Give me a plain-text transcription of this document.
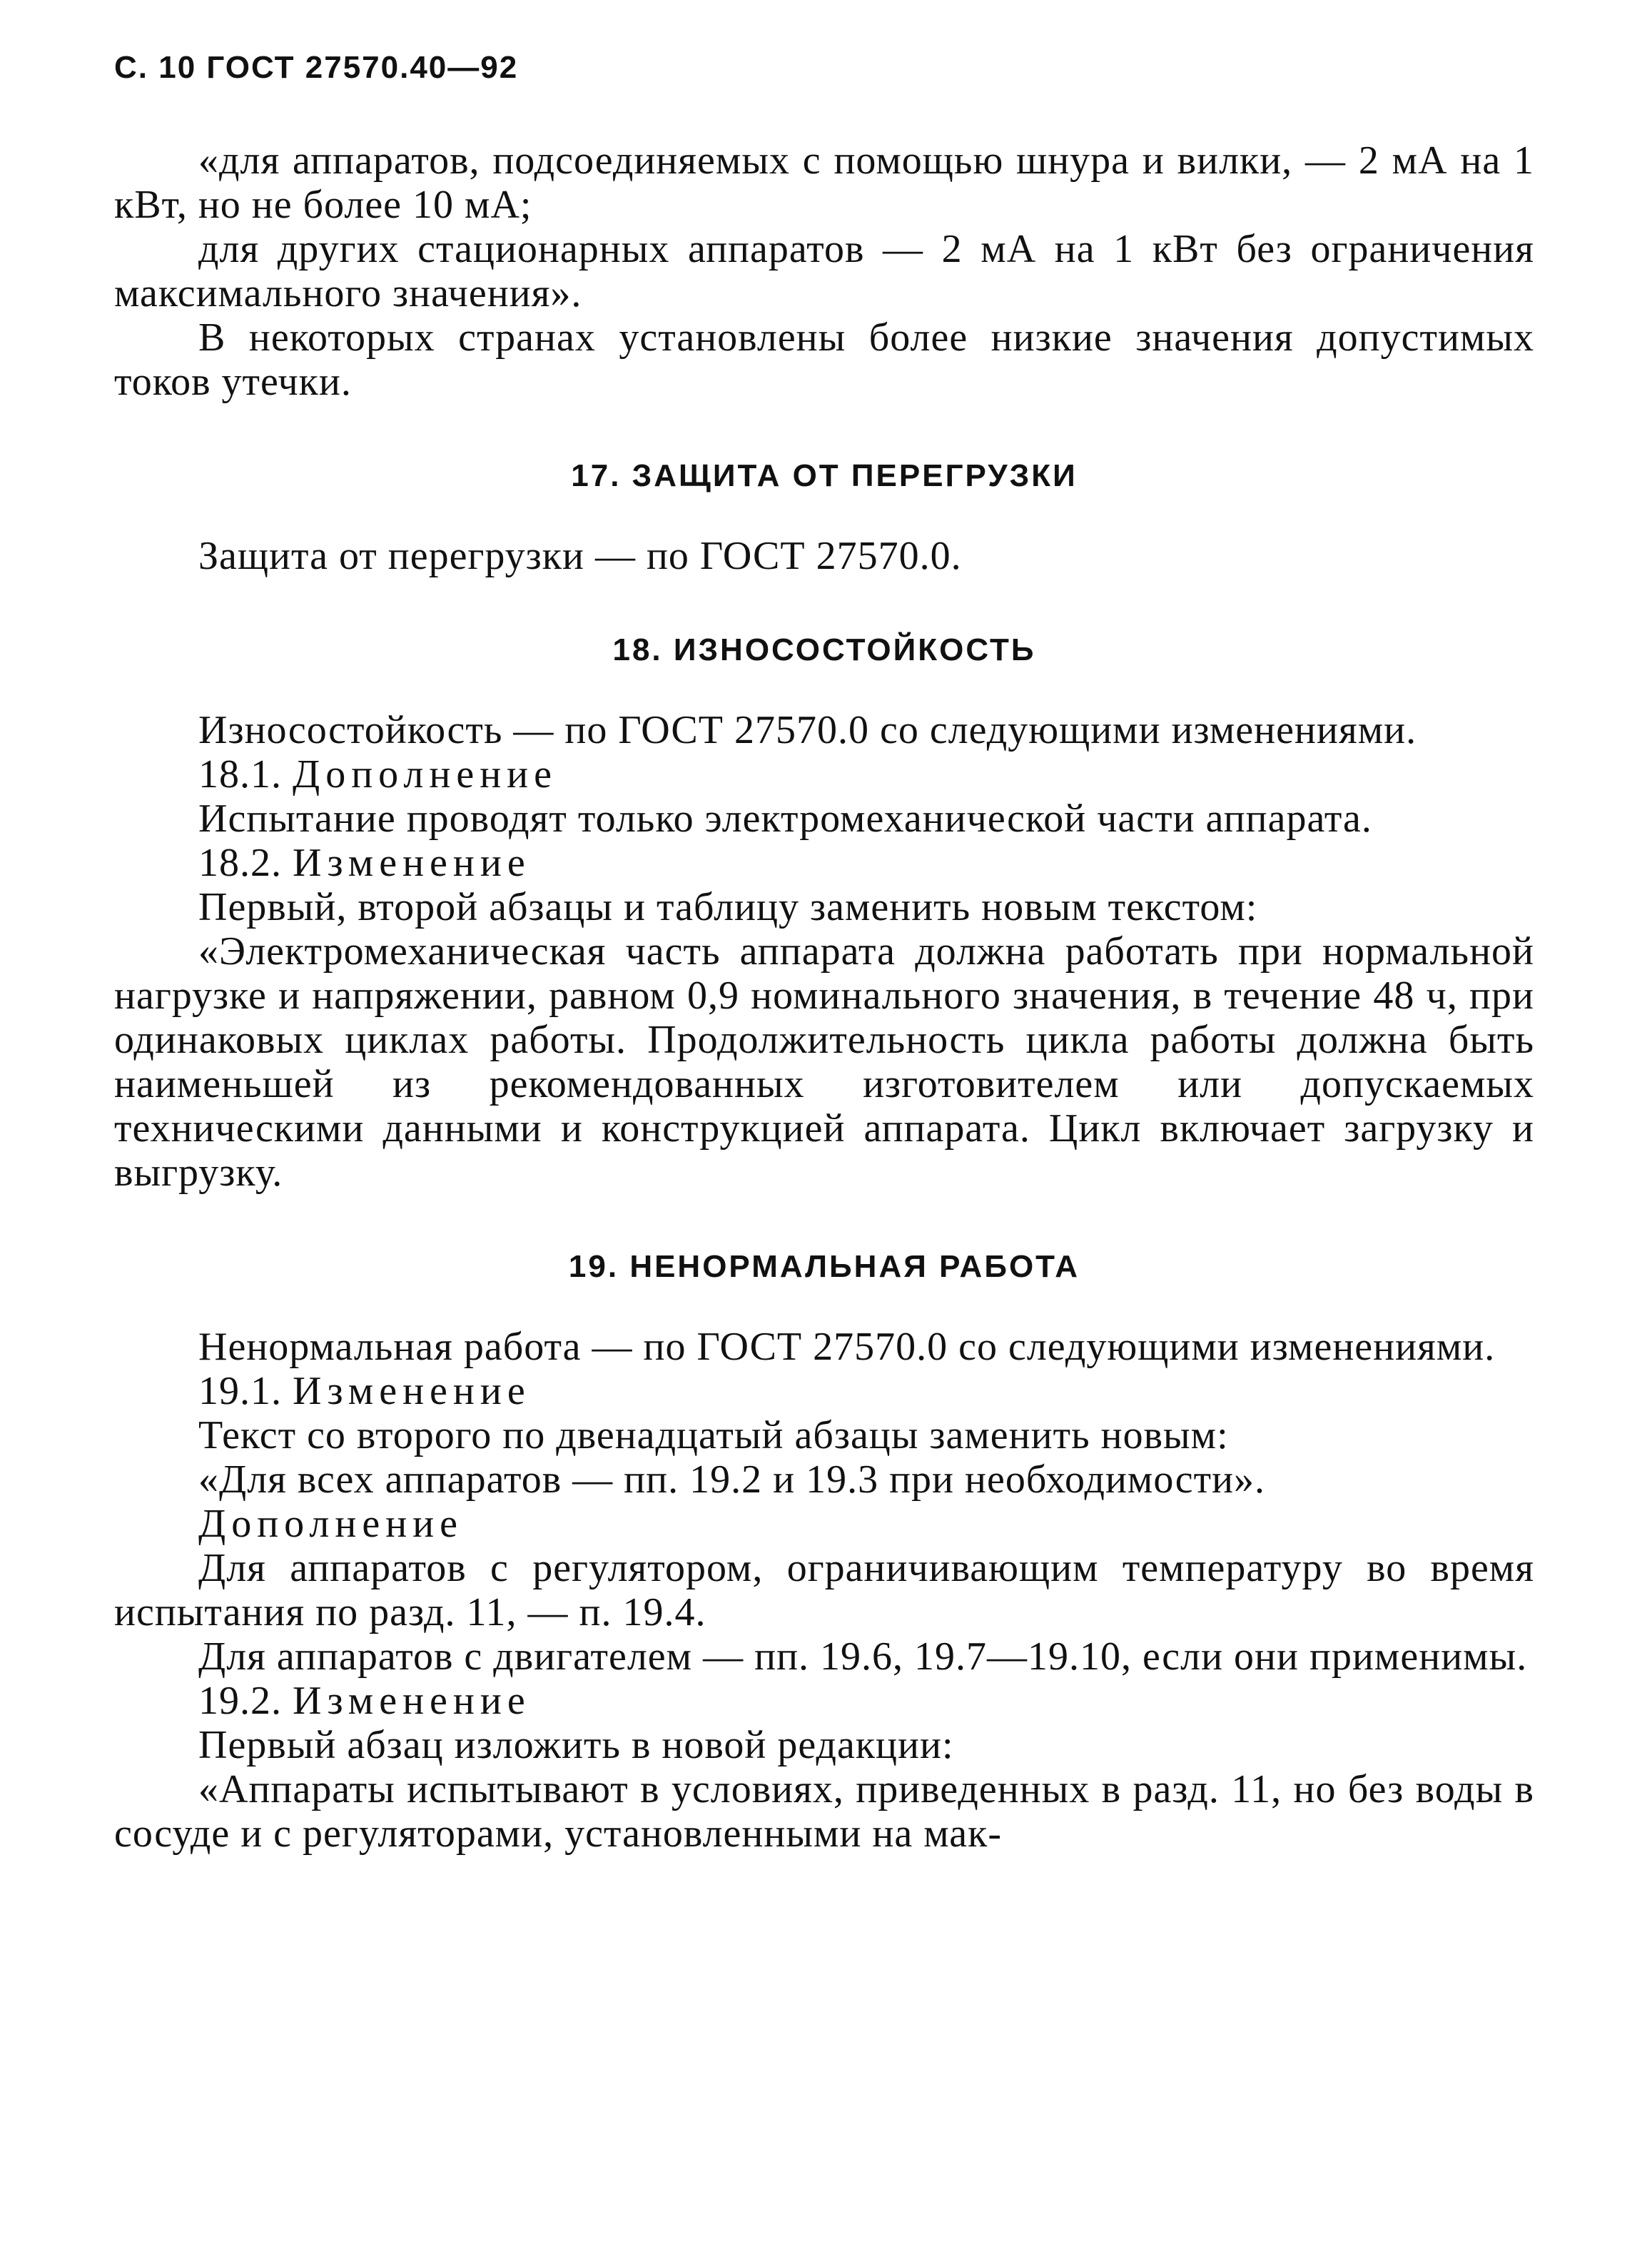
С. 10 ГОСТ 27570.40—92

«для аппаратов, подсоединяемых с помощью шнура и вилки, — 2 мА на 1 кВт, но не более 10 мА;

для других стационарных аппаратов — 2 мА на 1 кВт без ограничения максимального значения».

В некоторых странах установлены более низкие значения допустимых токов утечки.

17. ЗАЩИТА ОТ ПЕРЕГРУЗКИ

Защита от перегрузки — по ГОСТ 27570.0.

18. ИЗНОСОСТОЙКОСТЬ

Износостойкость — по ГОСТ 27570.0 со следующими изменениями.

18.1. Дополнение

Испытание проводят только электромеханической части аппарата.

18.2. Изменение

Первый, второй абзацы и таблицу заменить новым текстом:

«Электромеханическая часть аппарата должна работать при нормальной нагрузке и напряжении, равном 0,9 номинального значения, в течение 48 ч, при одинаковых циклах работы. Продолжительность цикла работы должна быть наименьшей из рекомендованных изготовителем или допускаемых техническими данными и конструкцией аппарата. Цикл включает загрузку и выгрузку.

19. НЕНОРМАЛЬНАЯ РАБОТА

Ненормальная работа — по ГОСТ 27570.0 со следующими изменениями.

19.1. Изменение

Текст со второго по двенадцатый абзацы заменить новым:

«Для всех аппаратов — пп. 19.2 и 19.3 при необходимости».

Дополнение

Для аппаратов с регулятором, ограничивающим температуру во время испытания по разд. 11, — п. 19.4.

Для аппаратов с двигателем — пп. 19.6, 19.7—19.10, если они применимы.

19.2. Изменение

Первый абзац изложить в новой редакции:

«Аппараты испытывают в условиях, приведенных в разд. 11, но без воды в сосуде и с регуляторами, установленными на мак-
